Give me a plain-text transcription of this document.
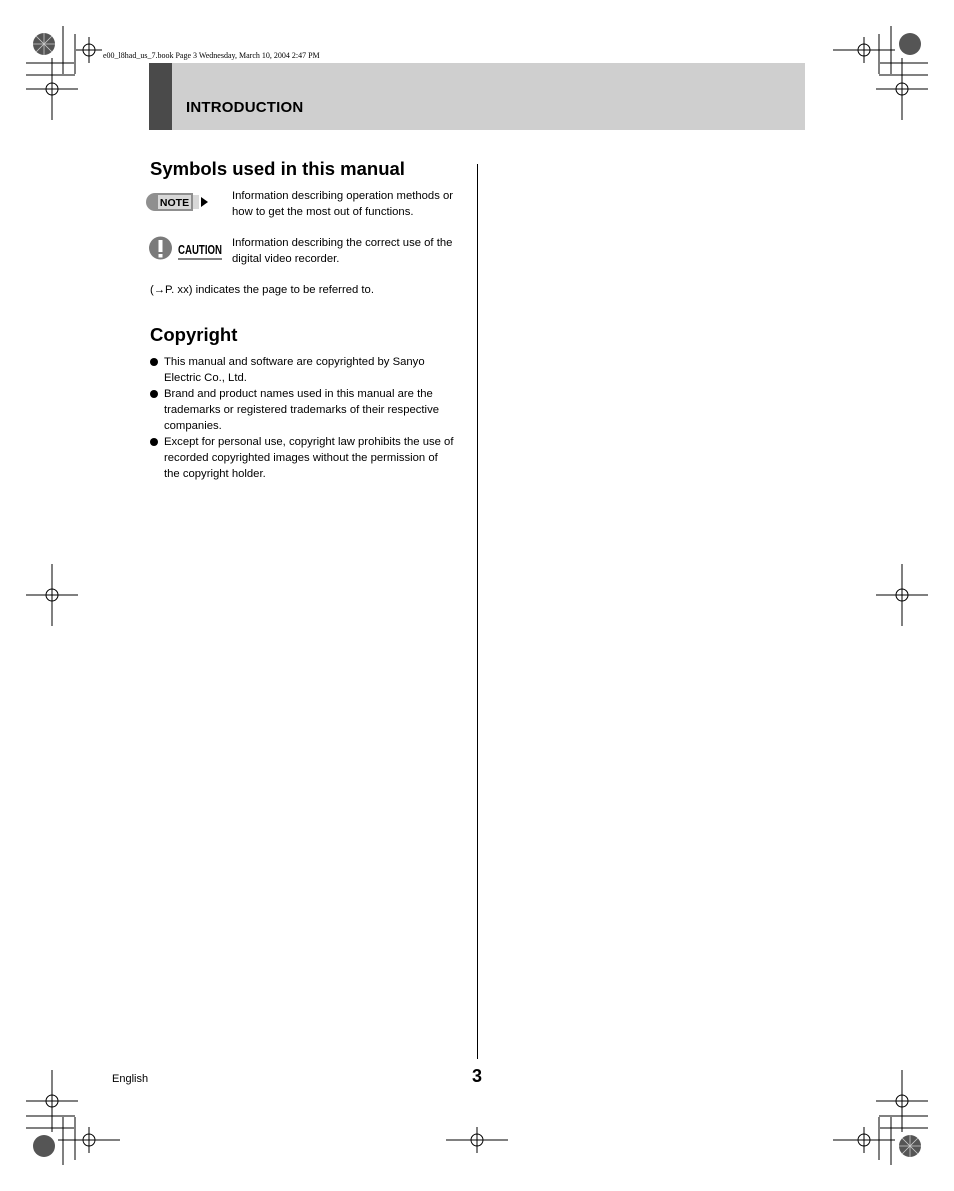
e00_l8had_us_7.book Page 3 Wednesday, March 10, 2004 2:47 PM
INTRODUCTION
Symbols used in this manual
NOTE
Information describing operation methods or how to get the most out of functions.
CAUTION Information describing the correct use of the digital video recorder.
(→P. xx) indicates the page to be referred to.
Copyright
This manual and software are copyrighted by Sanyo Electric Co., Ltd.
Brand and product names used in this manual are the trademarks or registered trademarks of their respective companies.
Except for personal use, copyright law prohibits the use of recorded copyrighted images without the permission of the copyright holder.
English	3
